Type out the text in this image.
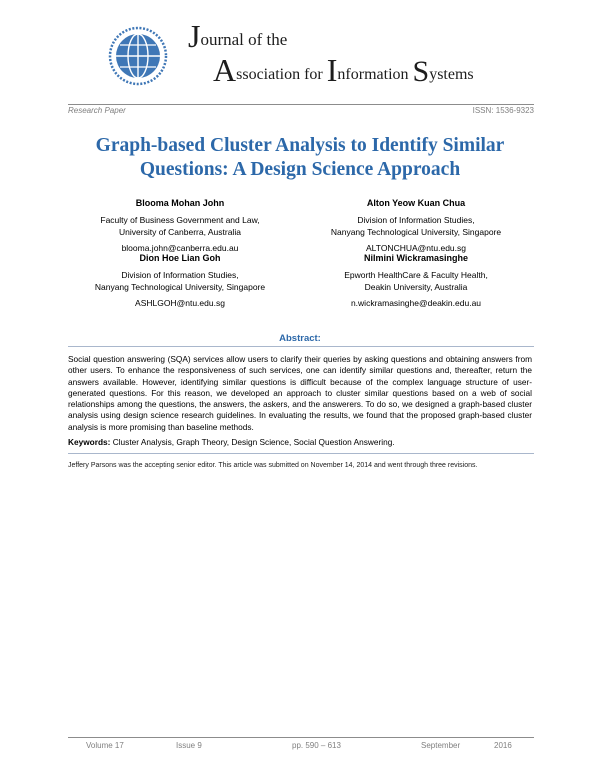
Journal of the
Association for Information Systems
Research Paper	ISSN: 1536-9323
Graph-based Cluster Analysis to Identify Similar
Questions: A Design Science Approach
Blooma Mohan John
Faculty of Business Government and Law,
University of Canberra, Australia
blooma.john@canberra.edu.au
Alton Yeow Kuan Chua
Division of Information Studies,
Nanyang Technological University, Singapore
ALTONCHUA@ntu.edu.sg
Dion Hoe Lian Goh
Division of Information Studies,
Nanyang Technological University, Singapore
ASHLGOH@ntu.edu.sg
Nilmini Wickramasinghe
Epworth HealthCare & Faculty Health,
Deakin University, Australia
n.wickramasinghe@deakin.edu.au
Abstract:
Social question answering (SQA) services allow users to clarify their queries by asking questions and obtaining answers from other users. To enhance the responsiveness of such services, one can identify similar questions and, thereafter, return the answers available. However, identifying similar questions is difficult because of the complex language structure of user-generated questions. For this reason, we developed an approach to cluster similar questions based on a web of social relationships among the questions, the answers, the askers, and the answerers. To do so, we designed a graph-based cluster analysis using design science research guidelines. In evaluating the results, we found that the proposed graph-based cluster analysis is more promising than baseline methods.
Keywords: Cluster Analysis, Graph Theory, Design Science, Social Question Answering.
Jeffery Parsons was the accepting senior editor. This article was submitted on November 14, 2014 and went through three revisions.
Volume 17	Issue 9	pp. 590 – 613	September	2016
